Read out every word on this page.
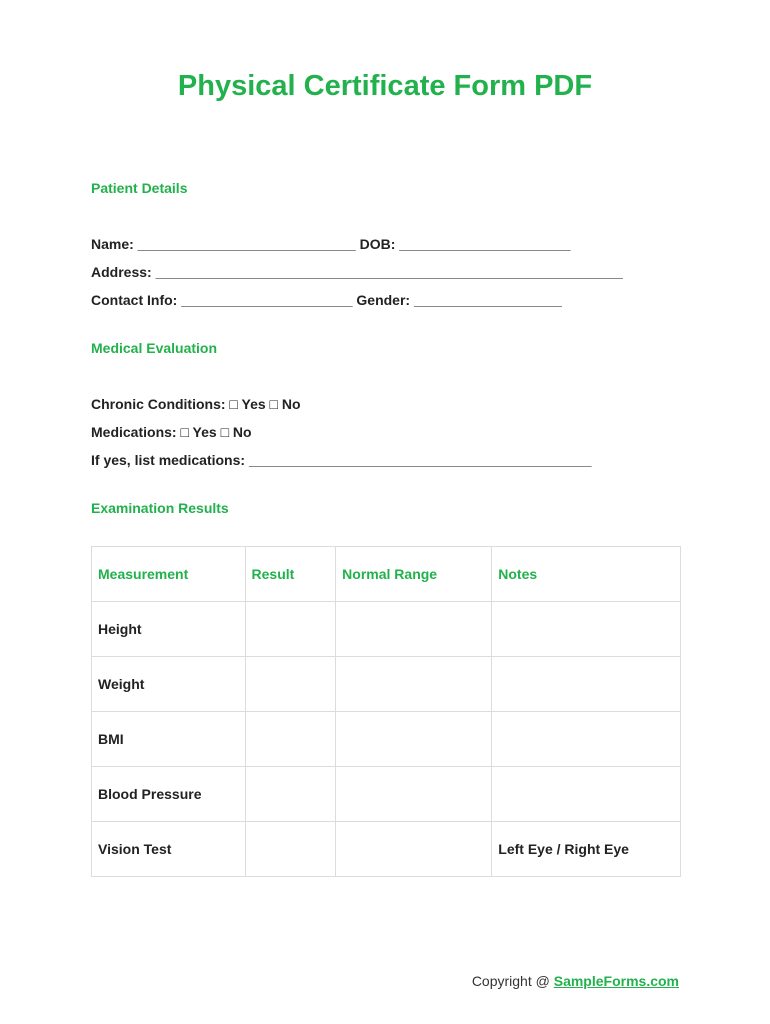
Physical Certificate Form PDF
Patient Details
Name: ____________________________ DOB: ______________________
Address: ____________________________________________________________
Contact Info: ______________________ Gender: ___________________
Medical Evaluation
Chronic Conditions: □ Yes □ No
Medications: □ Yes □ No
If yes, list medications: ____________________________________________
Examination Results
Measurement	Result	Normal Range	Notes
Height			
Weight			
BMI			
Blood Pressure			
Vision Test			Left Eye / Right Eye
Copyright @ SampleForms.com
